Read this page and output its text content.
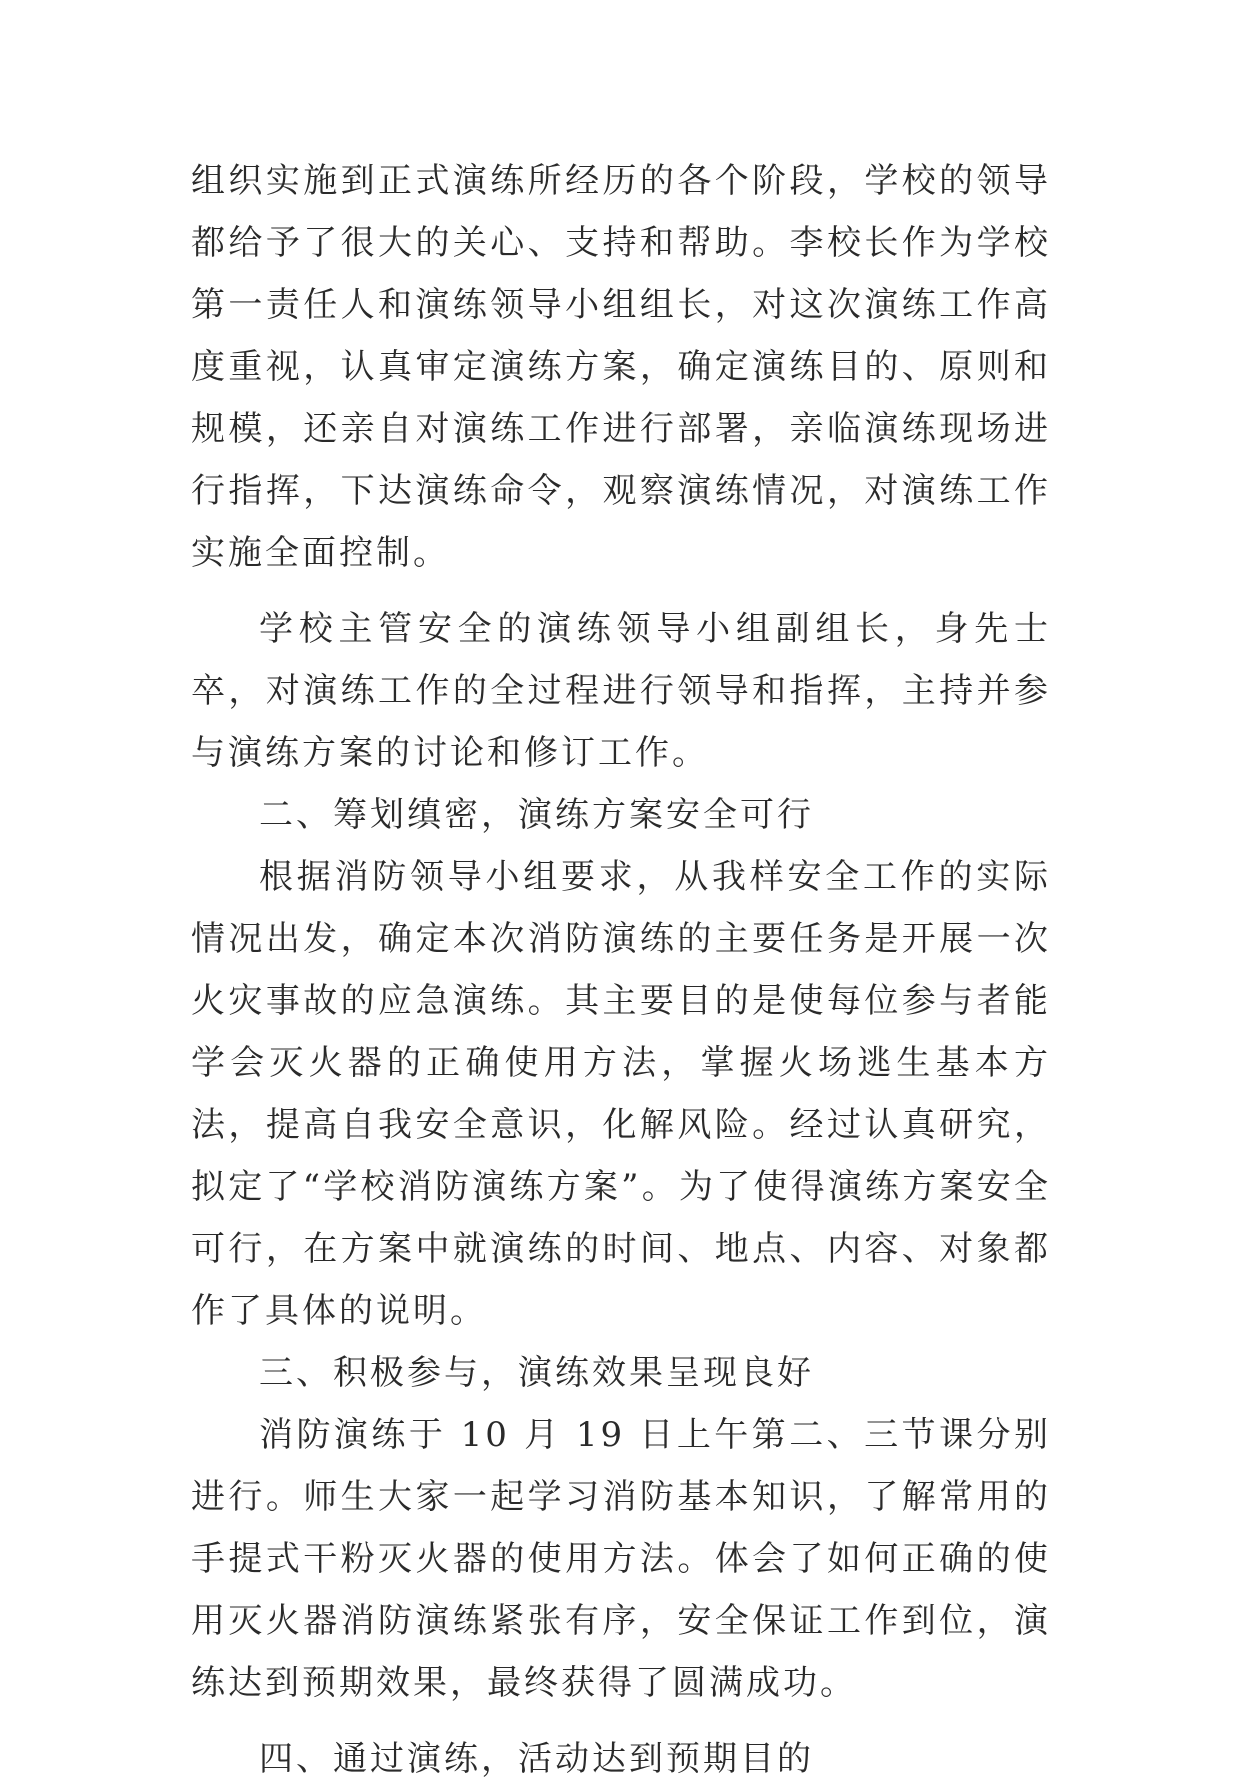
组织实施到正式演练所经历的各个阶段，学校的领导都给予了很大的关心、支持和帮助。李校长作为学校第一责任人和演练领导小组组长，对这次演练工作高度重视，认真审定演练方案，确定演练目的、原则和规模，还亲自对演练工作进行部署，亲临演练现场进行指挥，下达演练命令，观察演练情况，对演练工作实施全面控制。

学校主管安全的演练领导小组副组长，身先士卒，对演练工作的全过程进行领导和指挥，主持并参与演练方案的讨论和修订工作。

二、筹划缜密，演练方案安全可行

根据消防领导小组要求，从我样安全工作的实际情况出发，确定本次消防演练的主要任务是开展一次火灾事故的应急演练。其主要目的是使每位参与者能学会灭火器的正确使用方法，掌握火场逃生基本方法，提高自我安全意识，化解风险。经过认真研究，拟定了“学校消防演练方案”。为了使得演练方案安全可行，在方案中就演练的时间、地点、内容、对象都作了具体的说明。

三、积极参与，演练效果呈现良好

消防演练于 10 月 19 日上午第二、三节课分别进行。师生大家一起学习消防基本知识，了解常用的手提式干粉灭火器的使用方法。体会了如何正确的使用灭火器消防演练紧张有序，安全保证工作到位，演练达到预期效果，最终获得了圆满成功。

四、通过演练，活动达到预期目的
